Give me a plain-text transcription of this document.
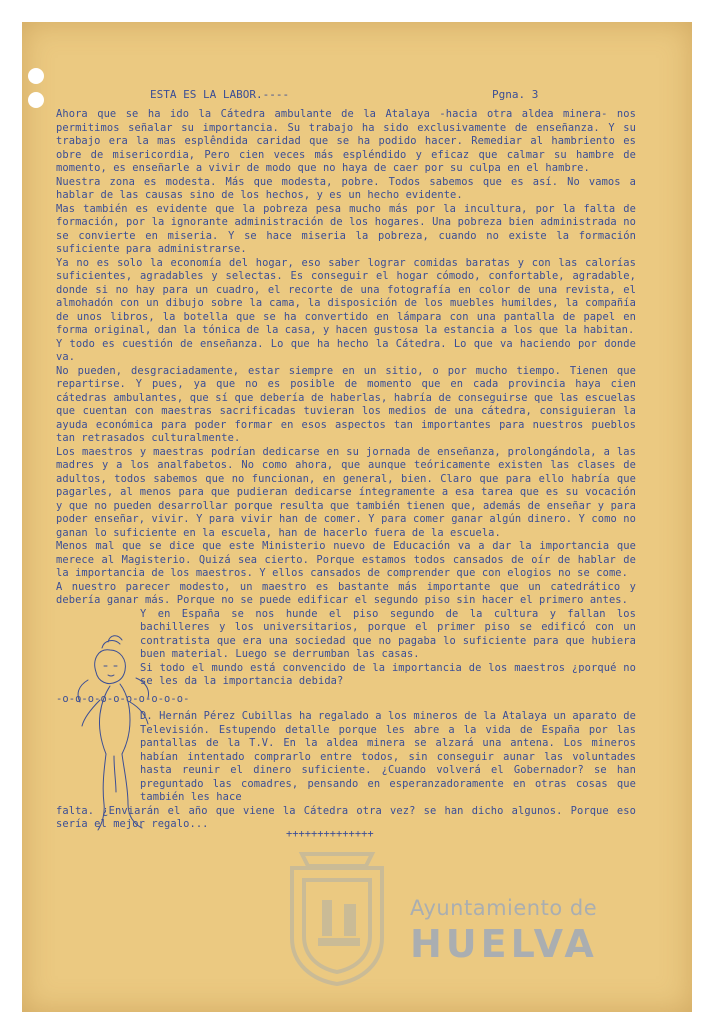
ESTA ES LA LABOR.----	Pgna. 3

Ahora que se ha ido la Cátedra ambulante de la Atalaya -hacia otra aldea minera- nos permitimos señalar su importancia. Su trabajo ha sido exclusivamente de enseñanza. Y su trabajo era la mas esplêndida caridad que se ha podido hacer. Remediar al hambriento es obre de misericordia, Pero cien veces más espléndido y eficaz que calmar su hambre de momento, es enseñarle a vivir de modo que no haya de caer por su culpa en el hambre.

Nuestra zona es modesta. Más que modesta, pobre. Todos sabemos que es así. No vamos a hablar de las causas sino de los hechos, y es un hecho evidente.

Mas también es evidente que la pobreza pesa mucho más por la incultura, por la falta de formación, por la ignorante administración de los hogares. Una pobreza bien administrada no se convierte en miseria. Y se hace miseria la pobreza, cuando no existe la formación suficiente para administrarse.

Ya no es solo la economía del hogar, eso saber lograr comidas baratas y con las calorías suficientes, agradables y selectas. Es conseguir el hogar cómodo, confortable, agradable, donde si no hay para un cuadro, el recorte de una fotografía en color de una revista, el almohadón con un dibujo sobre la cama, la disposición de los muebles humildes, la compañía de unos libros, la botella que se ha convertido en lámpara con una pantalla de papel en forma original, dan la tónica de la casa, y hacen gustosa la estancia a los que la habitan.

Y todo es cuestión de enseñanza. Lo que ha hecho la Cátedra. Lo que va haciendo por donde va.

No pueden, desgraciadamente, estar siempre en un sitio, o por mucho tiempo. Tienen que repartirse. Y pues, ya que no es posible de momento que en cada provincia haya cien cátedras ambulantes, que sí que debería de haberlas, habría de conseguirse que las escuelas que cuentan con maestras sacrificadas tuvieran los medios de una cátedra, consiguieran la ayuda económica para poder formar en esos aspectos tan importantes para nuestros pueblos tan retrasados culturalmente.

Los maestros y maestras podrían dedicarse en su jornada de enseñanza, prolongándola, a las madres y a los analfabetos. No como ahora, que aunque teóricamente existen las clases de adultos, todos sabemos que no funcionan, en general, bien. Claro que para ello habría que pagarles, al menos para que pudieran dedicarse íntegramente a esa tarea que es su vocación y que no pueden desarrollar porque resulta que también tienen que, además de enseñar y para poder enseñar, vivir. Y para vivir han de comer. Y para comer ganar algún dinero. Y como no ganan lo suficiente en la escuela, han de hacerlo fuera de la escuela.

Menos mal que se dice que este Ministerio nuevo de Educación va a dar la importancia que merece al Magisterio. Quizá sea cierto. Porque estamos todos cansados de oír de hablar de la importancia de los maestros. Y ellos cansados de comprender que con elogios no se come.

A nuestro parecer modesto, un maestro es bastante más importante que un catedrático y debería ganar más. Porque no se puede edificar el segundo piso sin hacer el primero antes.

Y en España se nos hunde el piso segundo de la cultura y fallan los bachilleres y los universitarios, porque el primer piso se edificó con un contratista que era una sociedad que no pagaba lo suficiente para que hubiera buen material. Luego se derrumban las casas.

Si todo el mundo está convencido de la importancia de los maestros ¿porqué no se les da la importancia debida?

-o-o-o-o-o-o-o-o-o-o-

D. Hernán Pérez Cubillas ha regalado a los mineros de la Atalaya un aparato de Televisión. Estupendo detalle porque les abre a la vida de España por las pantallas de la T.V. En la aldea minera se alzará una antena. Los mineros habían intentado comprarlo entre todos, sin conseguir aunar las voluntades hasta reunir el dinero suficiente. ¿Cuando volverá el Gobernador? se han preguntado las comadres, pensando en esperanzadoramente en otras cosas que también les hace

falta. ¿Enviarán el año que viene la Cátedra otra vez? se han dicho algunos. Porque eso sería el mejor regalo...

++++++++++++++
Ayuntamiento de
HUELVA
